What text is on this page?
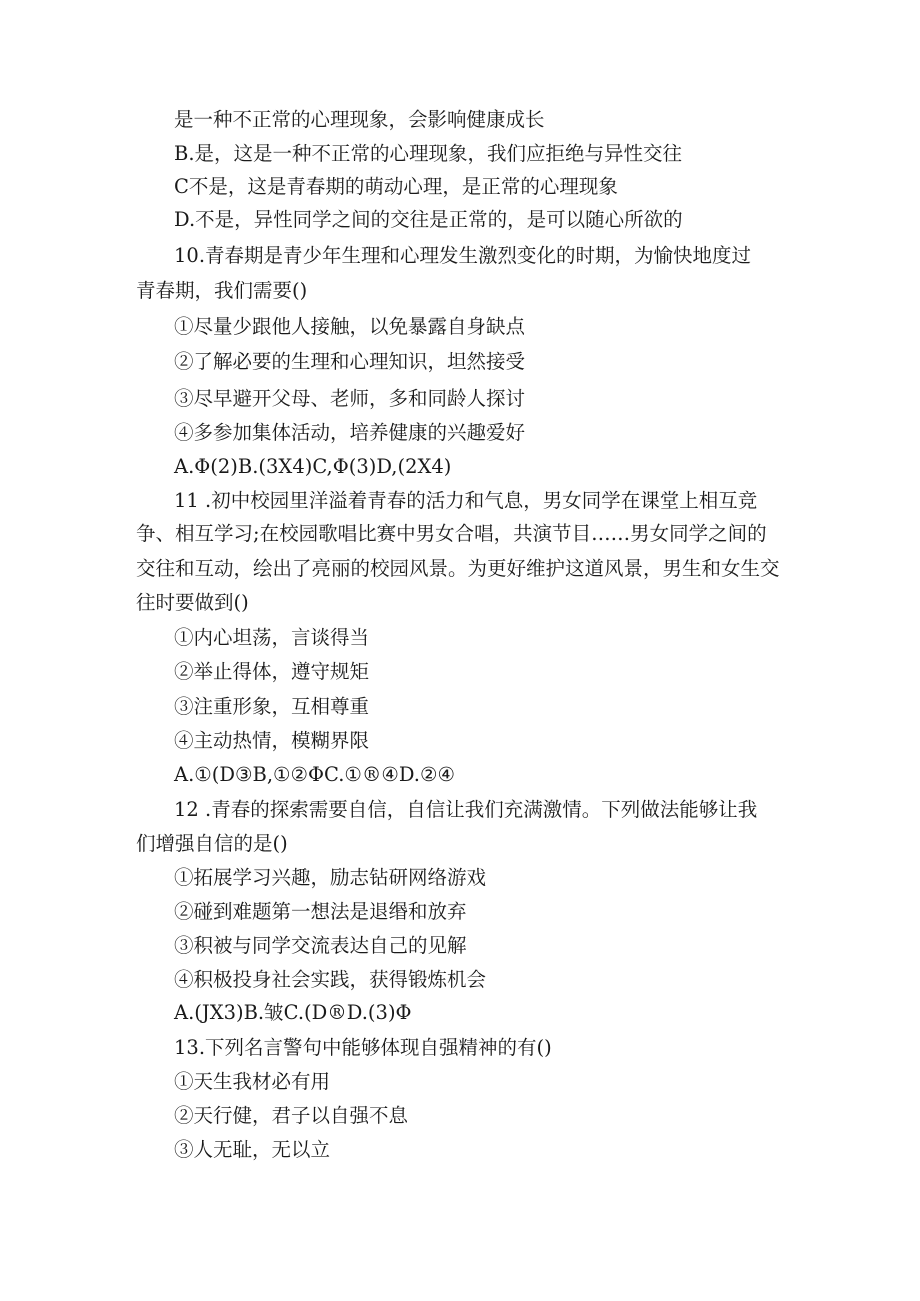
是一种不正常的心理现象，会影响健康成长
B.是，这是一种不正常的心理现象，我们应拒绝与异性交往
C不是，这是青春期的萌动心理，是正常的心理现象
D.不是，异性同学之间的交往是正常的，是可以随心所欲的
10.青春期是青少年生理和心理发生激烈变化的时期，为愉快地度过
青春期，我们需要()
①尽量少跟他人接触，以免暴露自身缺点
②了解必要的生理和心理知识，坦然接受
③尽早避开父母、老师，多和同龄人探讨
④多参加集体活动，培养健康的兴趣爱好
A.Φ(2)B.(3X4)C,Φ(3)D,(2X4)
11 .初中校园里洋溢着青春的活力和气息，男女同学在课堂上相互竞
争、相互学习;在校园歌唱比赛中男女合唱，共演节目……男女同学之间的
交往和互动，绘出了亮丽的校园风景。为更好维护这道风景，男生和女生交
往时要做到()
①内心坦荡，言谈得当
②举止得体，遵守规矩
③注重形象，互相尊重
④主动热情，模糊界限
A.①(D③B,①②ΦC.①®④D.②④
12 .青春的探索需要自信，自信让我们充满激情。下列做法能够让我
们增强自信的是()
①拓展学习兴趣，励志钻研网络游戏
②碰到难题第一想法是退缗和放弃
③积被与同学交流表达自己的见解
④积极投身社会实践，获得锻炼机会
A.(JX3)B.皱C.(D®D.(3)Φ
13.下列名言警句中能够体现自强精神的有()
①天生我材必有用
②天行健，君子以自强不息
③人无耻，无以立
